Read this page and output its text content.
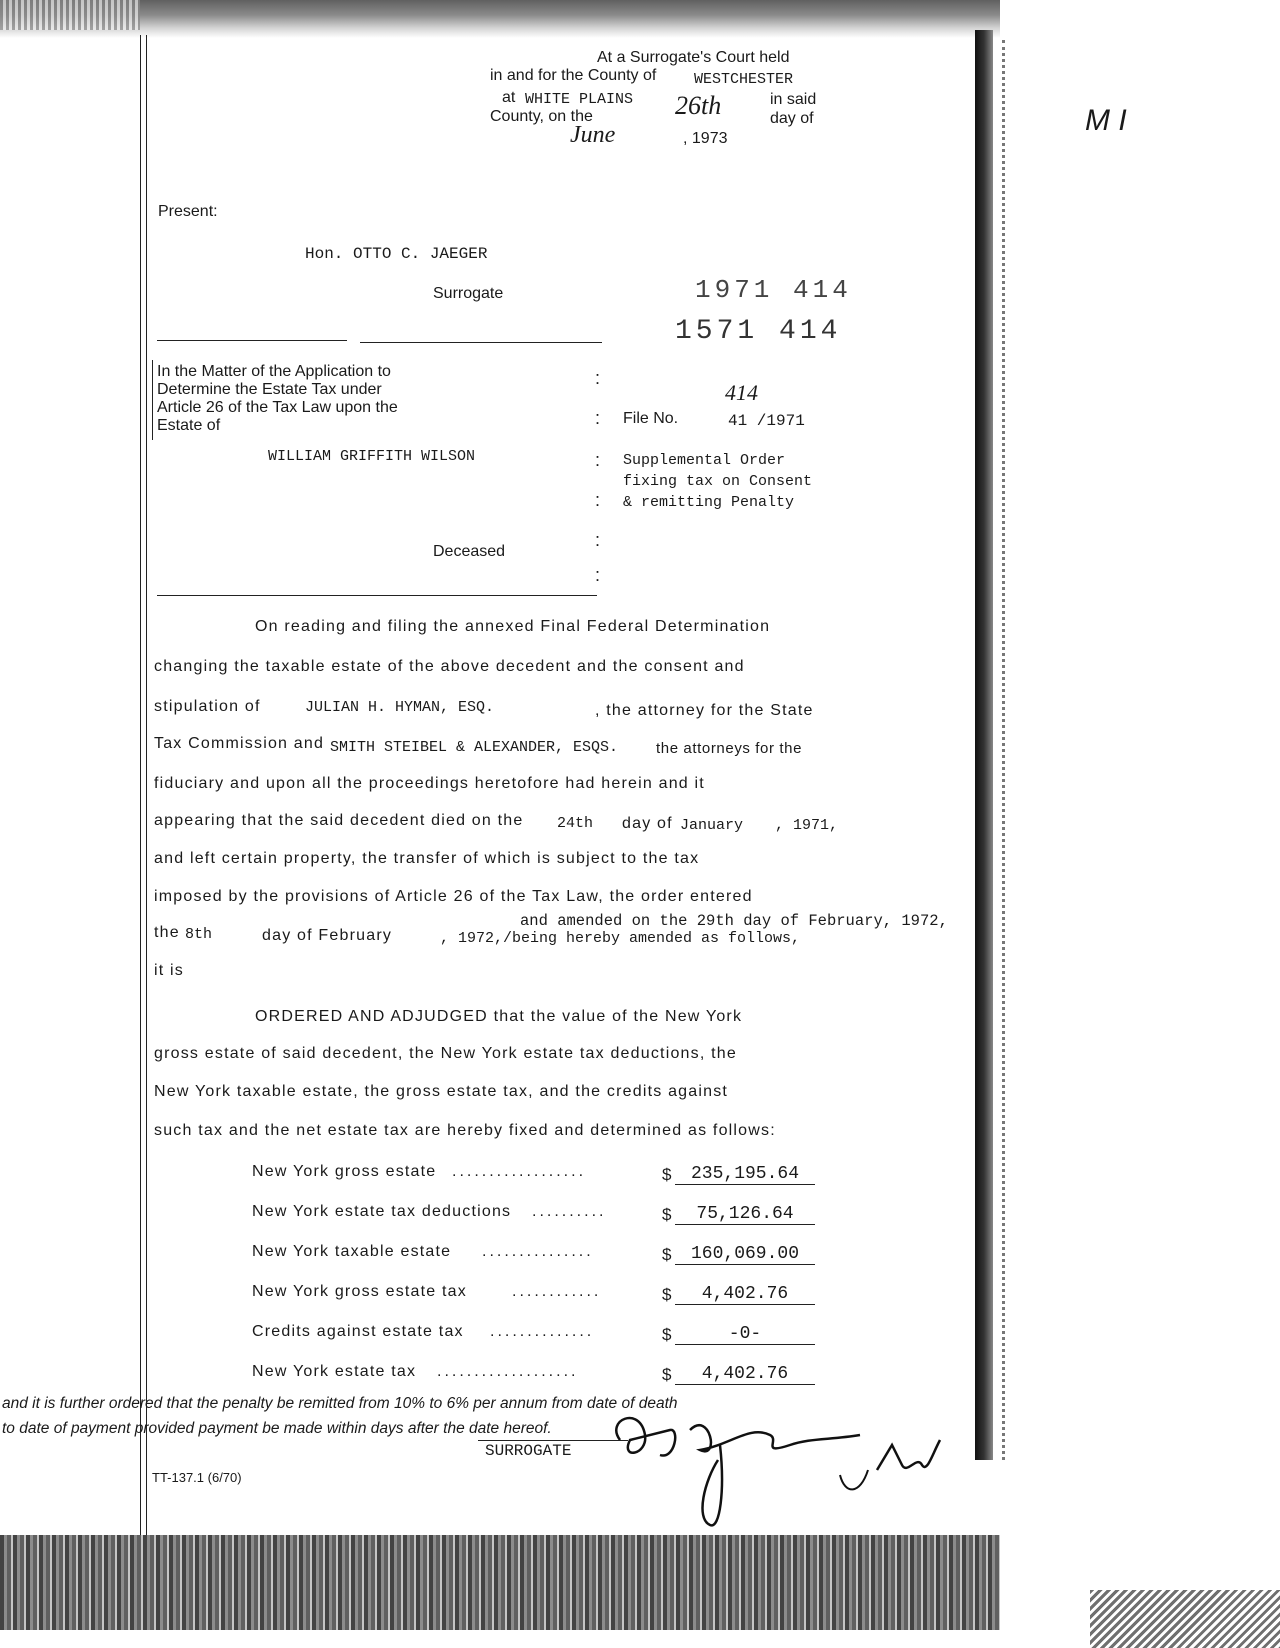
M I
At a Surrogate's Court held
in and for the County of	WESTCHESTER
at WHITE PLAINS	in said
County, on the	26th	day of
June	, 1973
Present:
Hon. OTTO C. JAEGER
Surrogate	1971 414
1571 414
In the Matter of the Application to
Determine the Estate Tax under
Article 26 of the Tax Law upon the
Estate of
WILLIAM GRIFFITH WILSON
Deceased
:
:
:
:
:
:
File No.
414
41 /1971
Supplemental Order
fixing tax on Consent
& remitting Penalty
On reading and filing the annexed Final Federal Determination
changing the taxable estate of the above decedent and the consent and
stipulation of	JULIAN H. HYMAN, ESQ.	, the attorney for the State
Tax Commission and SMITH STEIBEL & ALEXANDER, ESQS.	the attorneys for the
fiduciary and upon all the proceedings heretofore had herein and it
appearing that the said decedent died on the 24th day of January , 1971,
and left certain property, the transfer of which is subject to the tax
imposed by the provisions of Article 26 of the Tax Law, the order entered
and amended on the 29th day of February, 1972,
the 8th	day of February	, 1972,/being hereby amended as follows,
it is
ORDERED AND ADJUDGED that the value of the New York
gross estate of said decedent, the New York estate tax deductions, the
New York taxable estate, the gross estate tax, and the credits against
such tax and the net estate tax are hereby fixed and determined as follows:
New York gross estate ..................	$	235,195.64
New York estate tax deductions ..........	$	75,126.64
New York taxable estate ...............	$	160,069.00
New York gross estate tax	............	$	4,402.76
Credits against estate tax ..............	$	-0-
New York estate tax ...................	$	4,402.76
and it is further ordered that the penalty be remitted from 10% to 6% per annum from date of death
to date of payment provided payment be made within days after the date hereof.
SURROGATE
TT-137.1 (6/70)
